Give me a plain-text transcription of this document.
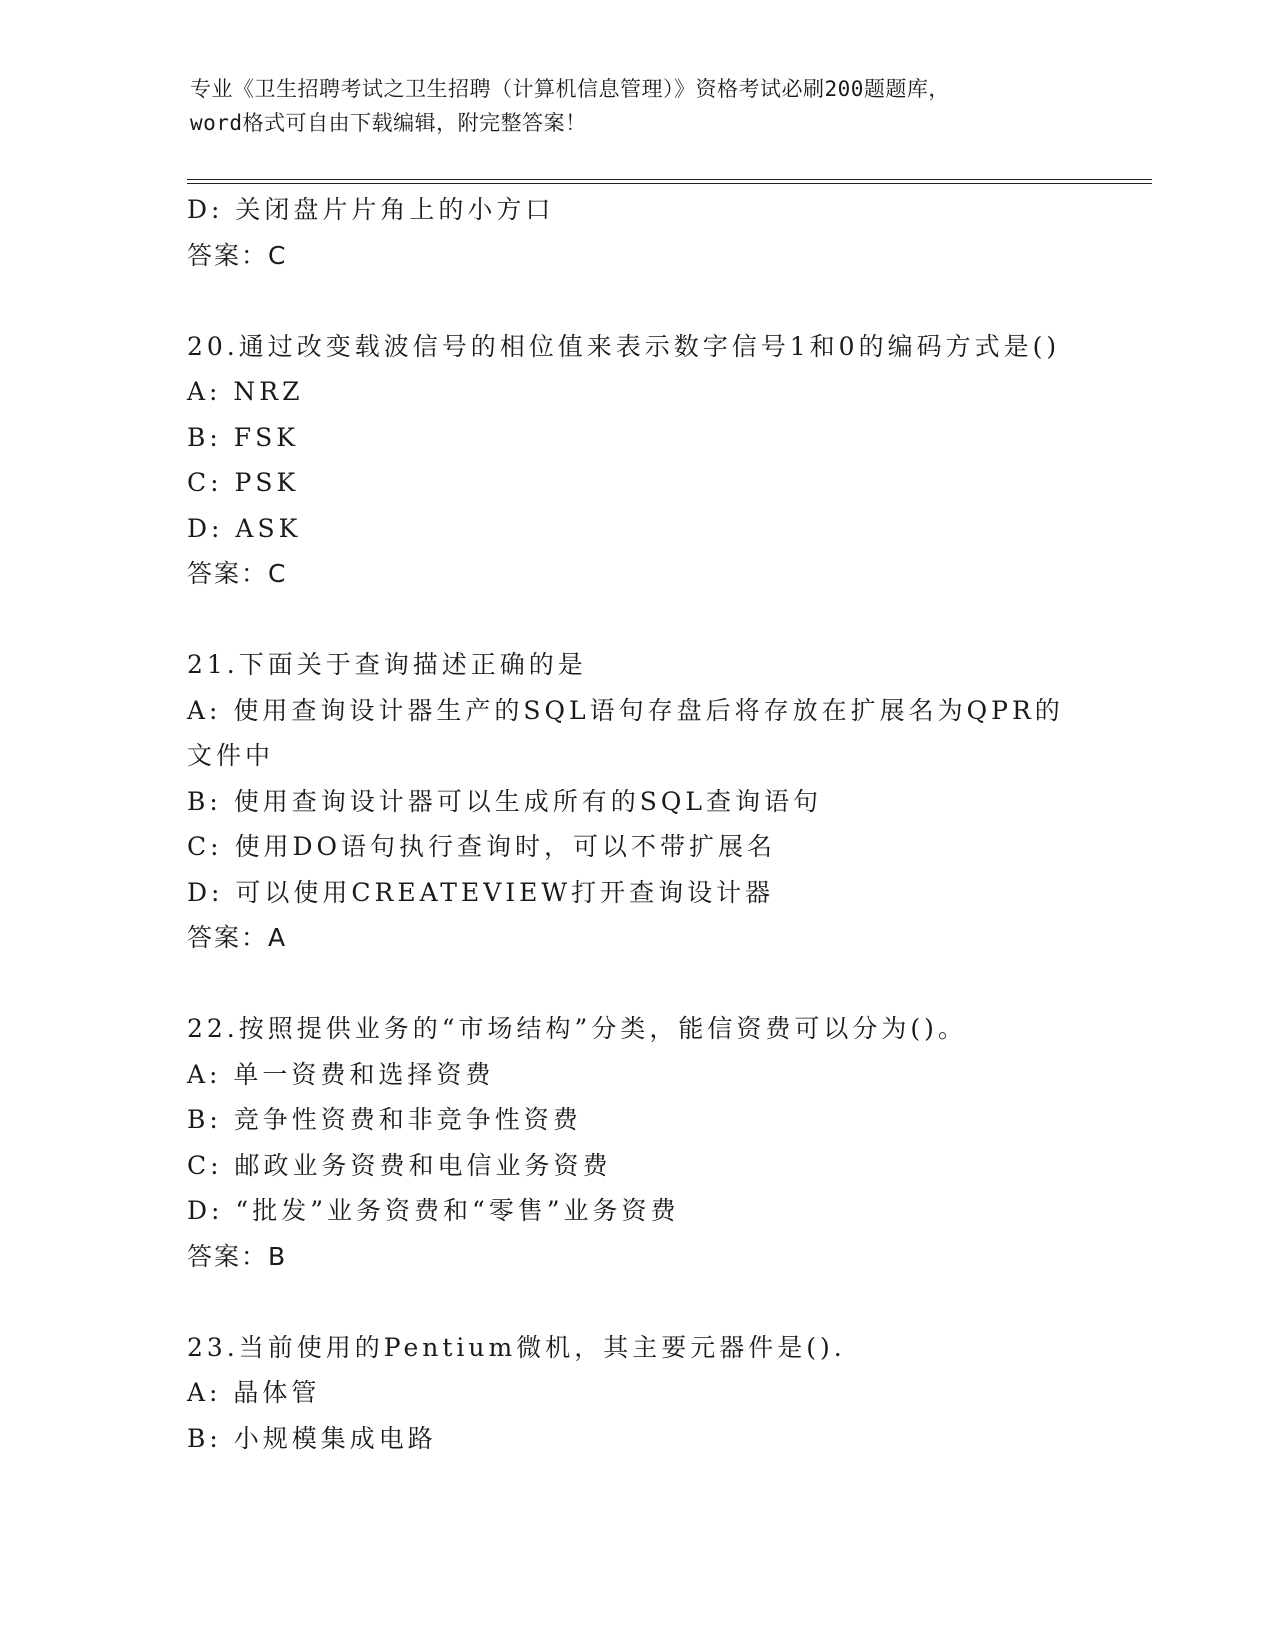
专业《卫生招聘考试之卫生招聘（计算机信息管理）》资格考试必刷200题题库，
word格式可自由下载编辑，附完整答案！
D: 关闭盘片片角上的小方口
答案：C
20.通过改变载波信号的相位值来表示数字信号1和0的编码方式是()
A: NRZ
B: FSK
C: PSK
D: ASK
答案：C
21.下面关于查询描述正确的是
A: 使用查询设计器生产的SQL语句存盘后将存放在扩展名为QPR的文件中
B: 使用查询设计器可以生成所有的SQL查询语句
C: 使用DO语句执行查询时，可以不带扩展名
D: 可以使用CREATEVIEW打开查询设计器
答案：A
22.按照提供业务的“市场结构”分类，能信资费可以分为()。
A: 单一资费和选择资费
B: 竞争性资费和非竞争性资费
C: 邮政业务资费和电信业务资费
D: “批发”业务资费和“零售”业务资费
答案：B
23.当前使用的Pentium微机，其主要元器件是().
A: 晶体管
B: 小规模集成电路
